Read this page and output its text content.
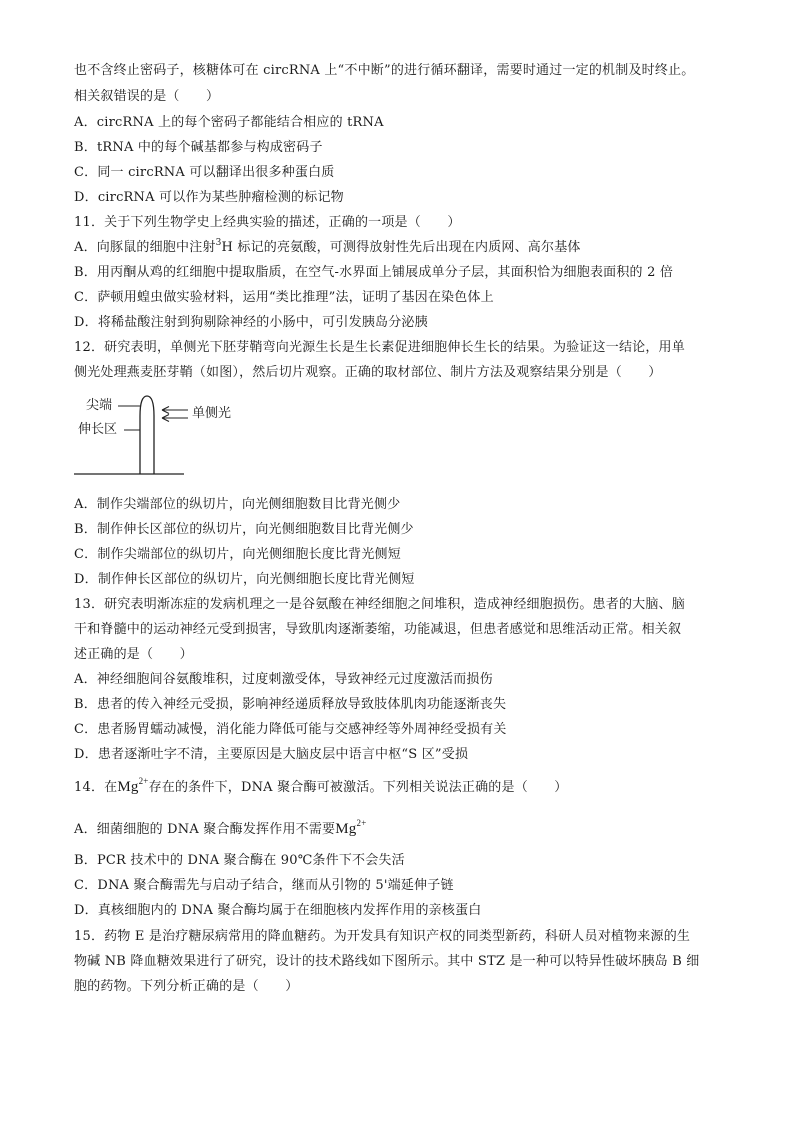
也不含终止密码子，核糖体可在 circRNA 上“不中断”的进行循环翻译，需要时通过一定的机制及时终止。
相关叙错误的是（　　）
A．circRNA 上的每个密码子都能结合相应的 tRNA
B．tRNA 中的每个碱基都参与构成密码子
C．同一 circRNA 可以翻译出很多种蛋白质
D．circRNA 可以作为某些肿瘤检测的标记物
11．关于下列生物学史上经典实验的描述，正确的一项是（　　）
A．向豚鼠的细胞中注射$^3$H 标记的亮氨酸，可测得放射性先后出现在内质网、高尔基体
B．用丙酮从鸡的红细胞中提取脂质，在空气-水界面上铺展成单分子层，其面积恰为细胞表面积的 2 倍
C．萨顿用蝗虫做实验材料，运用“类比推理”法，证明了基因在染色体上
D．将稀盐酸注射到狗剔除神经的小肠中，可引发胰岛分泌胰
12．研究表明，单侧光下胚芽鞘弯向光源生长是生长素促进细胞伸长生长的结果。为验证这一结论，用单
侧光处理燕麦胚芽鞘（如图），然后切片观察。正确的取材部位、制片方法及观察结果分别是（　　）
尖端
伸长区
单侧光
A．制作尖端部位的纵切片，向光侧细胞数目比背光侧少
B．制作伸长区部位的纵切片，向光侧细胞数目比背光侧少
C．制作尖端部位的纵切片，向光侧细胞长度比背光侧短
D．制作伸长区部位的纵切片，向光侧细胞长度比背光侧短
13．研究表明渐冻症的发病机理之一是谷氨酸在神经细胞之间堆积，造成神经细胞损伤。患者的大脑、脑
干和脊髓中的运动神经元受到损害，导致肌肉逐渐萎缩，功能减退，但患者感觉和思维活动正常。相关叙
述正确的是（　　）
A．神经细胞间谷氨酸堆积，过度刺激受体，导致神经元过度激活而损伤
B．患者的传入神经元受损，影响神经递质释放导致肢体肌肉功能逐渐丧失
C．患者肠胃蠕动减慢，消化能力降低可能与交感神经等外周神经受损有关
D．患者逐渐吐字不清，主要原因是大脑皮层中语言中枢“S 区”受损
14．在$Mg^{2+}$存在的条件下，DNA 聚合酶可被激活。下列相关说法正确的是（　　）
A．细菌细胞的 DNA 聚合酶发挥作用不需要$Mg^{2+}$
B．PCR 技术中的 DNA 聚合酶在 90℃条件下不会失活
C．DNA 聚合酶需先与启动子结合，继而从引物的 5'端延伸子链
D．真核细胞内的 DNA 聚合酶均属于在细胞核内发挥作用的亲核蛋白
15．药物 E 是治疗糖尿病常用的降血糖药。为开发具有知识产权的同类型新药，科研人员对植物来源的生
物碱 NB 降血糖效果进行了研究，设计的技术路线如下图所示。其中 STZ 是一种可以特异性破坏胰岛 B 细
胞的药物。下列分析正确的是（　　）
